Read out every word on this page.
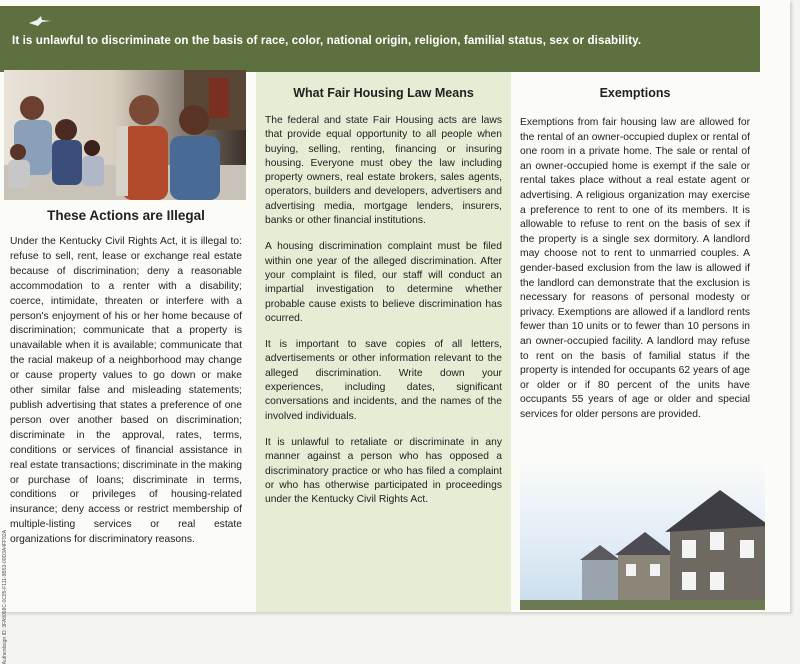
It is unlawful to discriminate on the basis of race, color, national origin, religion, familial status, sex or disability.
These Actions are Illegal

Under the Kentucky Civil Rights Act, it is illegal to: refuse to sell, rent, lease or exchange real estate because of discrimination; deny a reasonable accommodation to a renter with a disability; coerce, intimidate, threaten or interfere with a person's enjoyment of his or her home because of discrimination; communicate that a property is unavailable when it is available; communicate that the racial makeup of a neighborhood may change or cause property values to go down or make other similar false and misleading statements; publish advertising that states a preference of one person over another based on discrimination; discriminate in the approval, rates, terms, conditions or services of financial assistance in real estate transactions; discriminate in the making or purchase of loans; discriminate in terms, conditions or privileges of housing-related insurance; deny access or restrict membership of multiple-listing services or real estate organizations for discriminatory reasons.

What Fair Housing Law Means

The federal and state Fair Housing acts are laws that provide equal opportunity to all people when buying, selling, renting, financing or insuring housing. Everyone must obey the law including property owners, real estate brokers, sales agents, operators, builders and developers, advertisers and advertising media, mortgage lenders, insurers, banks or other financial institutions.

A housing discrimination complaint must be filed within one year of the alleged discrimination. After your complaint is filed, our staff will conduct an impartial investigation to determine whether probable cause exists to believe discrimination has ocurred.

It is important to save copies of all letters, advertisements or other information relevant to the alleged discrimination. Write down your experiences, including dates, significant conversations and incidents, and the names of the involved individuals.

It is unlawful to retaliate or discriminate in any manner against a person who has opposed a discriminatory practice or who has filed a complaint or who has otherwise participated in proceedings under the Kentucky Civil Rights Act.

Exemptions

Exemptions from fair housing law are allowed for the rental of an owner-occupied duplex or rental of one room in a private home. The sale or rental of an owner-occupied home is exempt if the sale or rental takes place without a real estate agent or advertising. A religious organization may exercise a preference to rent to one of its members. It is allowable to refuse to rent on the basis of sex if the property is a single sex dormitory. A landlord may choose not to rent to unmarried couples. A gender-based exclusion from the law is allowed if the landlord can demonstrate that the exclusion is necessary for reasons of personal modesty or privacy. Exemptions are allowed if a landlord rents fewer than 10 units or to fewer than 10 persons in an owner-occupied facility. A landlord may refuse to rent on the basis of familial status if the property is intended for occupants 62 years of age or older or if 80 percent of the units have occupants 55 years of age or older and special services for older persons are provided.

Authentisign ID: 3FA9058C-0C85-F111-9B53-00D3A4FF92A
